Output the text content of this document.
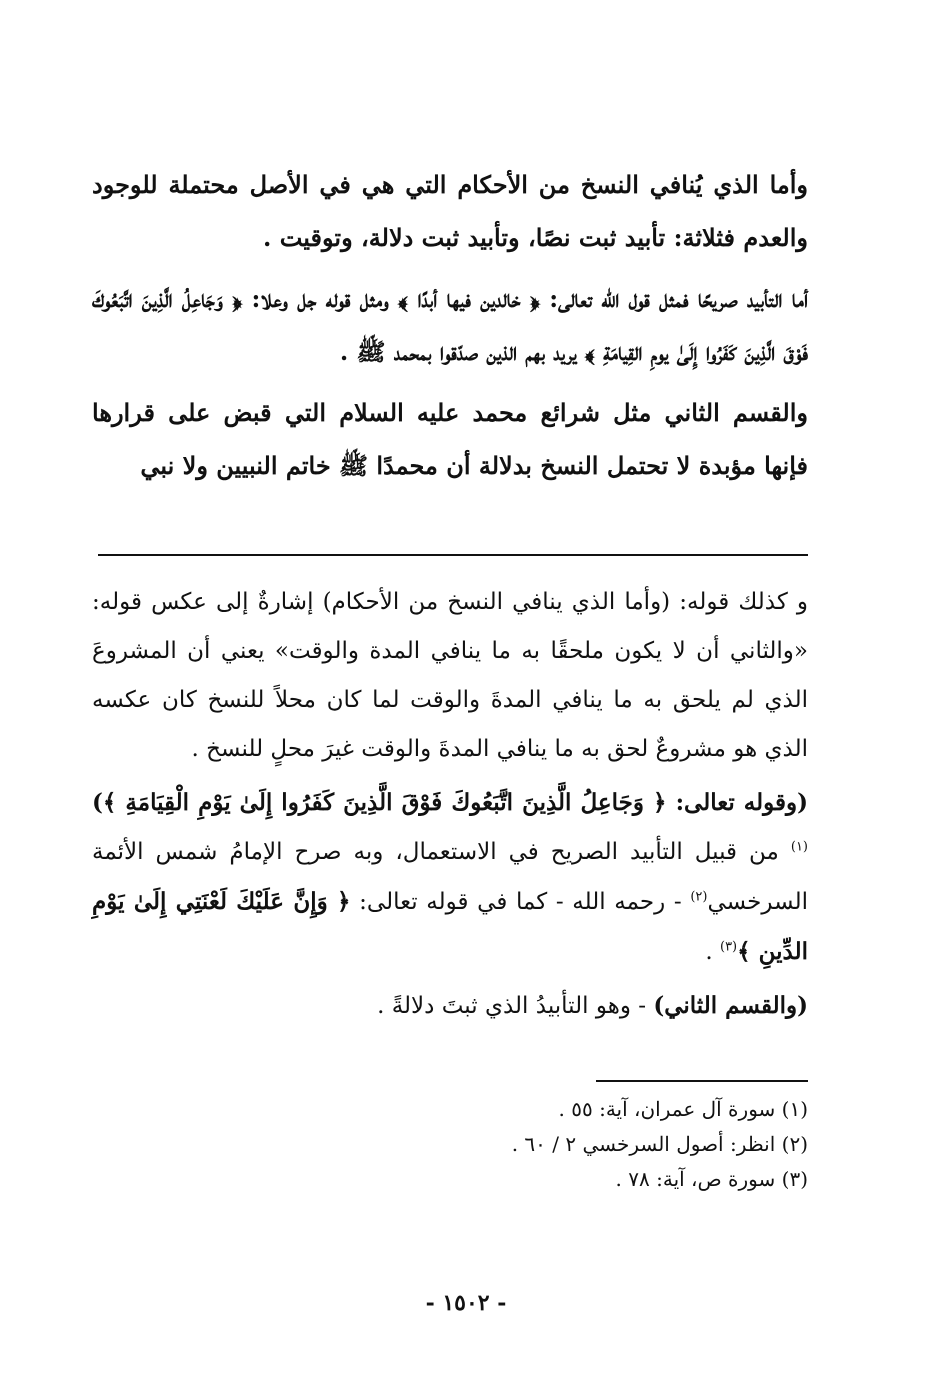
وأما الذي يُنافي النسخ من الأحكام التي هي في الأصل محتملة للوجود والعدم فثلاثة: تأبيد ثبت نصًا، وتأبيد ثبت دلالة، وتوقيت .

أما التأبيد صريحًا فمثل قول الله تعالى: ﴿ خالدين فيها أبدًا ﴾ ومثل قوله جل وعلا: ﴿ وَجَاعِلُ الَّذِينَ اتَّبَعُوكَ فَوْقَ الَّذِينَ كَفَرُوا إِلَىٰ يومِ القِيامَةِ ﴾ يريد بهم الذين صدّقوا بمحمد ﷺ .

والقسم الثاني مثل شرائع محمد عليه السلام التي قبض على قرارها فإنها مؤبدة لا تحتمل النسخ بدلالة أن محمدًا ﷺ خاتم النبيين ولا نبي

و كذلك قوله: (وأما الذي ينافي النسخ من الأحكام) إشارةٌ إلى عكس قوله: «والثاني أن لا يكون ملحقًا به ما ينافي المدة والوقت» يعني أن المشروعَ الذي لم يلحق به ما ينافي المدةَ والوقت لما كان محلاً للنسخ كان عكسه الذي هو مشروعٌ لحق به ما ينافي المدةَ والوقت غيرَ محلٍ للنسخ .

(وقوله تعالى: ﴿ وَجَاعِلُ الَّذِينَ اتَّبَعُوكَ فَوْقَ الَّذِينَ كَفَرُوا إِلَىٰ يَوْمِ الْقِيَامَةِ ﴾)$^{(١)}$ من قبيل التأبيد الصريح في الاستعمال، وبه صرح الإمامُ شمس الأئمة السرخسي$^{(٢)}$ - رحمه الله - كما في قوله تعالى: ﴿ وَإِنَّ عَلَيْكَ لَعْنَتِي إِلَىٰ يَوْمِ الدِّينِ ﴾$^{(٣)}$ .

(والقسم الثاني) - وهو التأبيدُ الذي ثبتَ دلالةً .

(١) سورة آل عمران، آية: ٥٥ .
(٢) انظر: أصول السرخسي ٢ / ٦٠ .
(٣) سورة ص، آية: ٧٨ .
- ١٥٠٢ -
